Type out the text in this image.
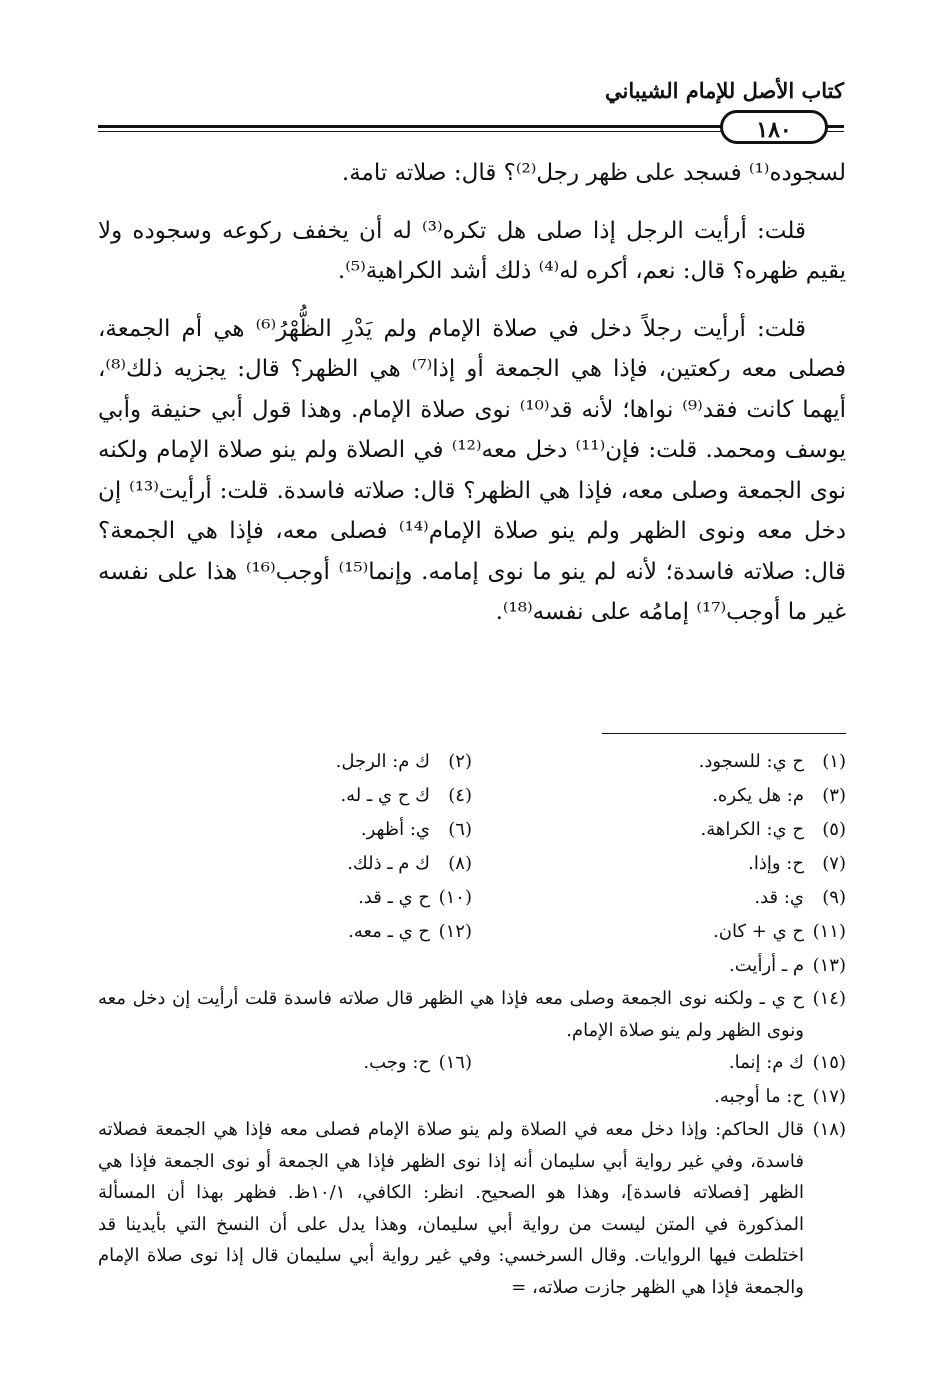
كتاب الأصل للإمام الشيباني
١٨٠

لسجوده⁽¹⁾ فسجد على ظهر رجل⁽²⁾؟ قال: صلاته تامة.

قلت: أرأيت الرجل إذا صلى هل تكره⁽³⁾ له أن يخفف ركوعه وسجوده ولا يقيم ظهره؟ قال: نعم، أكره له⁽⁴⁾ ذلك أشد الكراهية⁽⁵⁾.

قلت: أرأيت رجلاً دخل في صلاة الإمام ولم يَدْرِ الظُّهْرُ⁽⁶⁾ هي أم الجمعة، فصلى معه ركعتين، فإذا هي الجمعة أو إذا⁽⁷⁾ هي الظهر؟ قال: يجزيه ذلك⁽⁸⁾، أيهما كانت فقد⁽⁹⁾ نواها؛ لأنه قد⁽¹⁰⁾ نوى صلاة الإمام. وهذا قول أبي حنيفة وأبي يوسف ومحمد. قلت: فإن⁽¹¹⁾ دخل معه⁽¹²⁾ في الصلاة ولم ينو صلاة الإمام ولكنه نوى الجمعة وصلى معه، فإذا هي الظهر؟ قال: صلاته فاسدة. قلت: أرأيت⁽¹³⁾ إن دخل معه ونوى الظهر ولم ينو صلاة الإمام⁽¹⁴⁾ فصلى معه، فإذا هي الجمعة؟ قال: صلاته فاسدة؛ لأنه لم ينو ما نوى إمامه. وإنما⁽¹⁵⁾ أوجب⁽¹⁶⁾ هذا على نفسه غير ما أوجب⁽¹⁷⁾ إمامُه على نفسه⁽¹⁸⁾.

(١)ح ي: للسجود.
(٢)ك م: الرجل.
(٣)م: هل يكره.
(٤)ك ح ي ـ له.
(٥)ح ي: الكراهة.
(٦)ي: أظهر.
(٧)ح: وإذا.
(٨)ك م ـ ذلك.
(٩)ي: قد.
(١٠)ح ي ـ قد.
(١١)ح ي + كان.
(١٢)ح ي ـ معه.
(١٣)م ـ أرأيت.
(١٤)ح ي ـ ولكنه نوى الجمعة وصلى معه فإذا هي الظهر قال صلاته فاسدة قلت أرأيت إن دخل معه ونوى الظهر ولم ينو صلاة الإمام.
(١٥)ك م: إنما.
(١٦)ح: وجب.
(١٧)ح: ما أوجبه.
(١٨)قال الحاكم: وإذا دخل معه في الصلاة ولم ينو صلاة الإمام فصلى معه فإذا هي الجمعة فصلاته فاسدة، وفي غير رواية أبي سليمان أنه إذا نوى الظهر فإذا هي الجمعة أو نوى الجمعة فإذا هي الظهر [فصلاته فاسدة]، وهذا هو الصحيح. انظر: الكافي، ١٠/١ظ. فظهر بهذا أن المسألة المذكورة في المتن ليست من رواية أبي سليمان، وهذا يدل على أن النسخ التي بأيدينا قد اختلطت فيها الروايات. وقال السرخسي: وفي غير رواية أبي سليمان قال إذا نوى صلاة الإمام والجمعة فإذا هي الظهر جازت صلاته، =
